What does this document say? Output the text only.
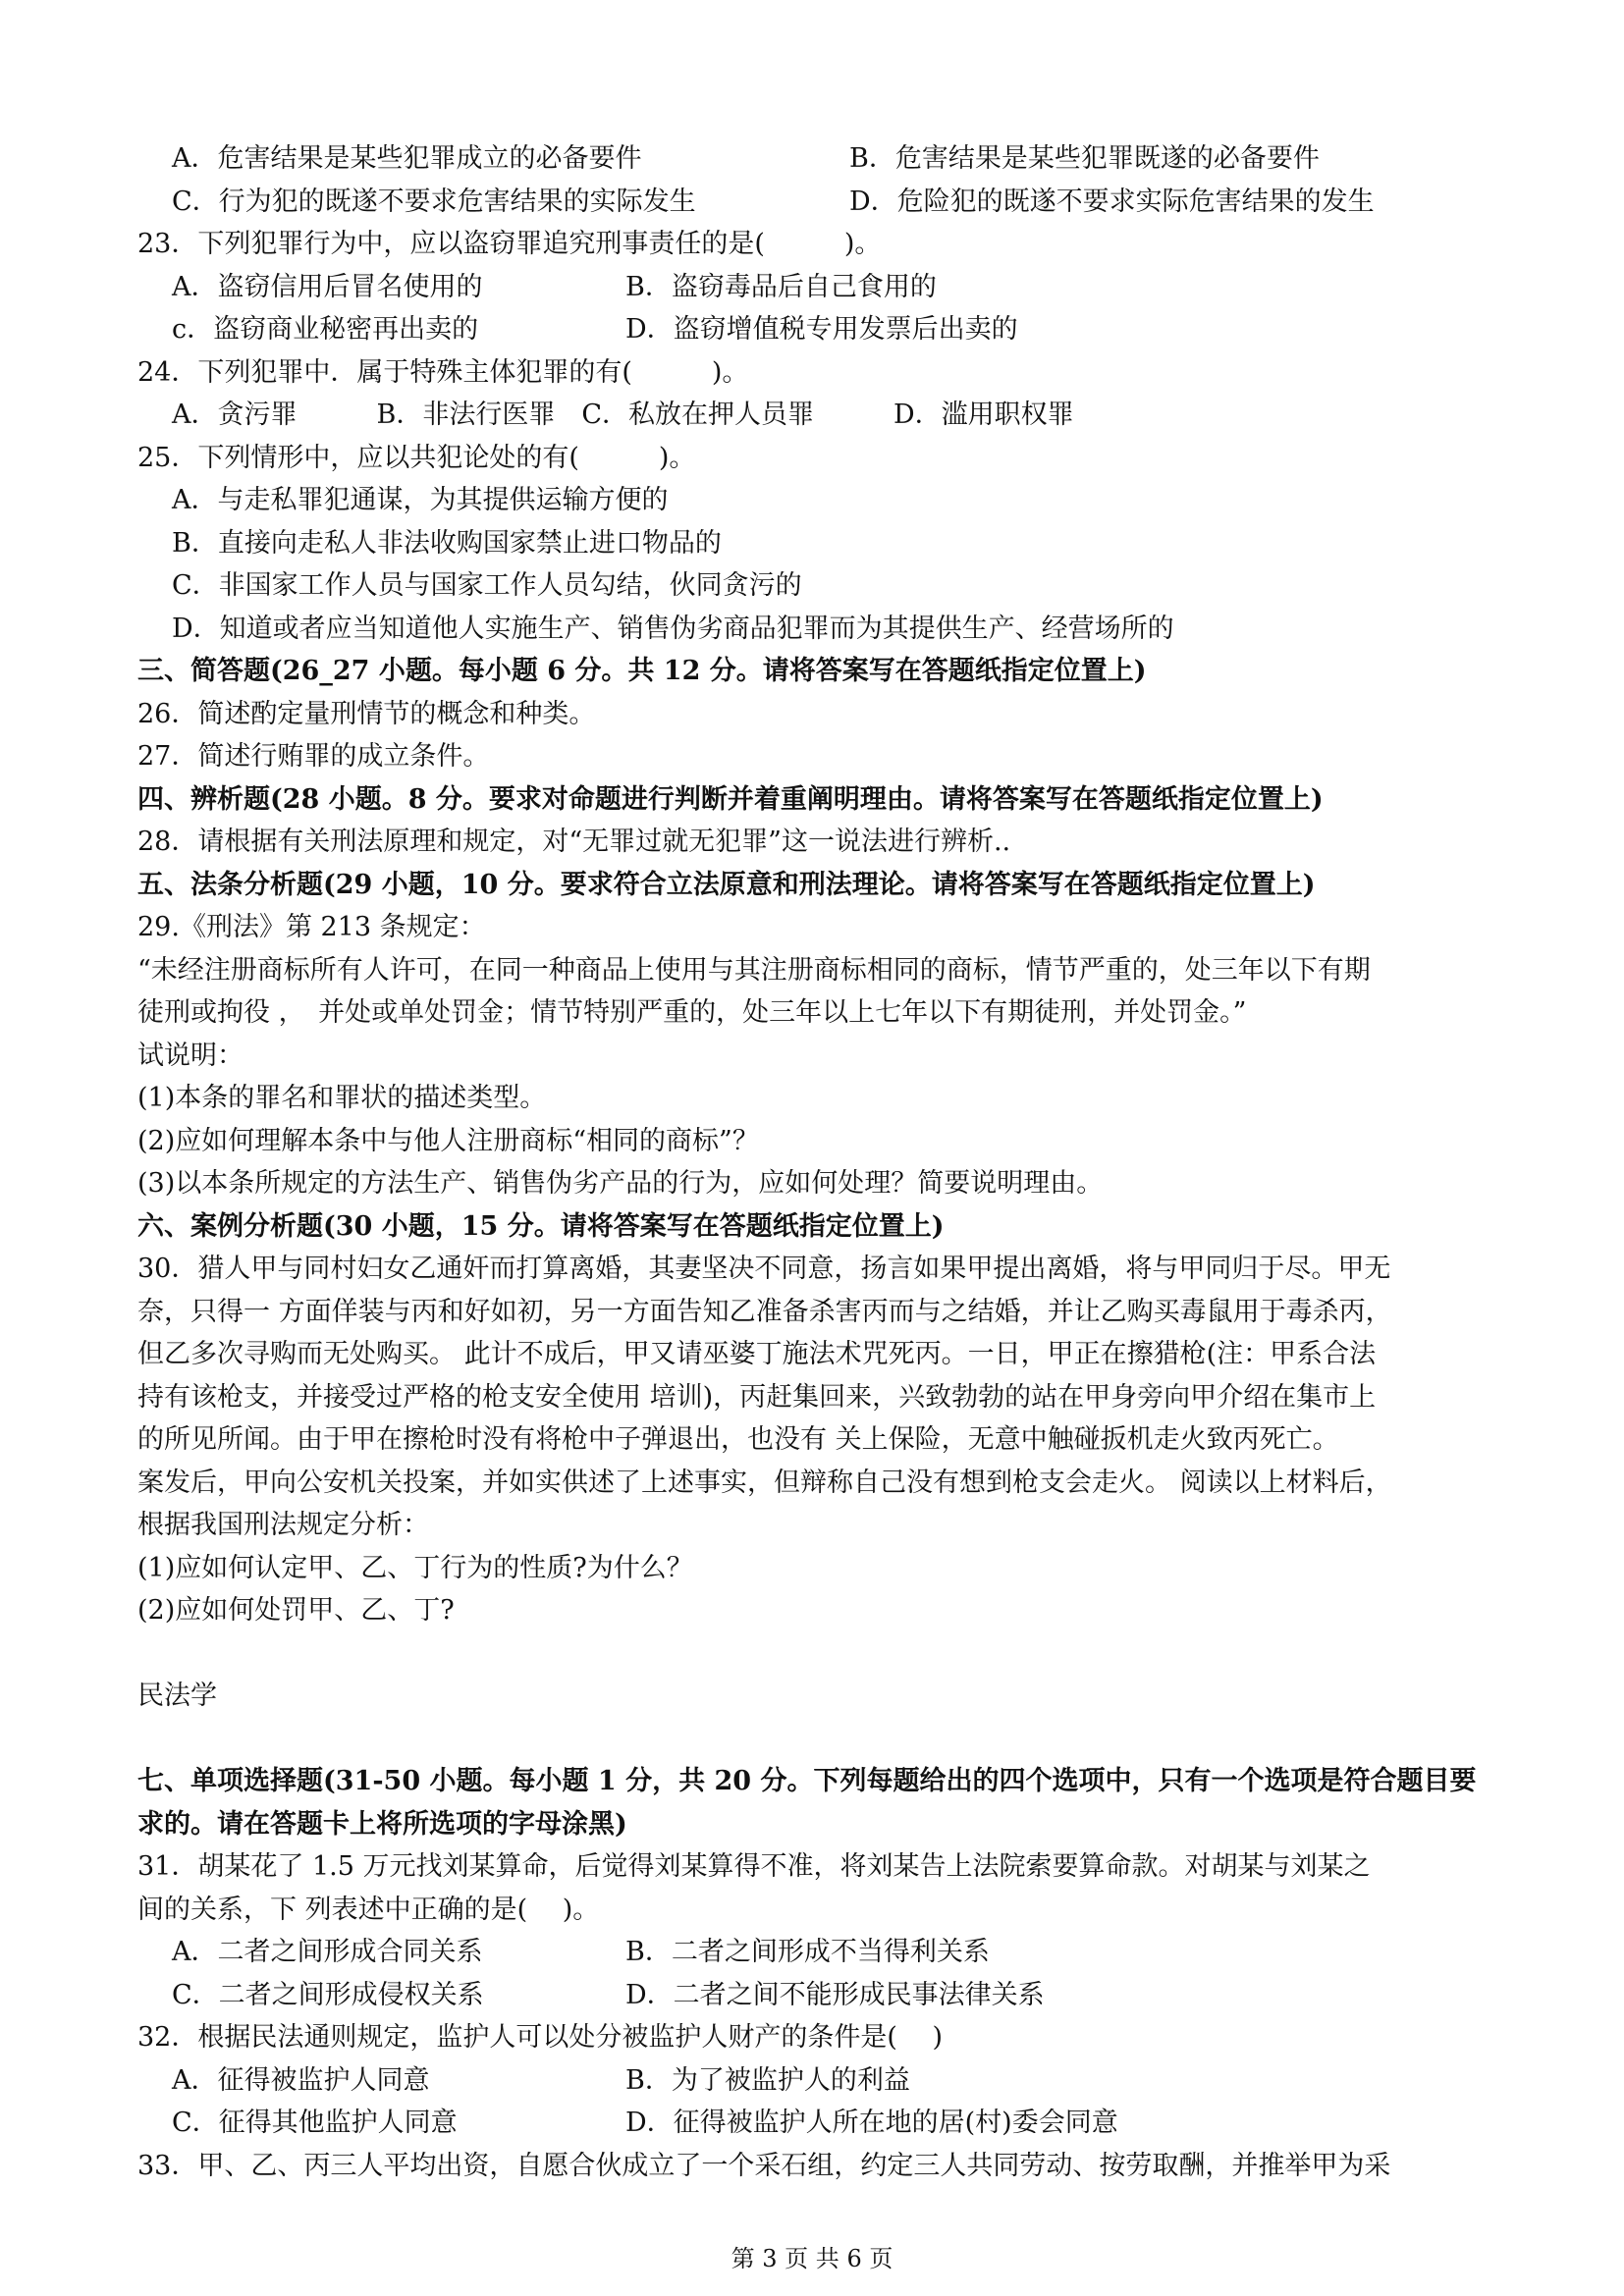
A．危害结果是某些犯罪成立的必备要件	B．危害结果是某些犯罪既遂的必备要件
C．行为犯的既遂不要求危害结果的实际发生	D．危险犯的既遂不要求实际危害结果的发生
23．下列犯罪行为中，应以盗窃罪追究刑事责任的是(　　　)。
A．盗窃信用后冒名使用的	B．盗窃毒品后自己食用的
c．盗窃商业秘密再出卖的	D．盗窃增值税专用发票后出卖的
24．下列犯罪中．属于特殊主体犯罪的有(　　　)。
A．贪污罪　　　B．非法行医罪　C．私放在押人员罪　　　D．滥用职权罪
25．下列情形中，应以共犯论处的有(　　　)。
A．与走私罪犯通谋，为其提供运输方便的
B．直接向走私人非法收购国家禁止进口物品的
C．非国家工作人员与国家工作人员勾结，伙同贪污的
D．知道或者应当知道他人实施生产、销售伪劣商品犯罪而为其提供生产、经营场所的
三、简答题(26_27 小题。每小题 6 分。共 12 分。请将答案写在答题纸指定位置上)
26．简述酌定量刑情节的概念和种类。
27．简述行贿罪的成立条件。
四、辨析题(28 小题。8 分。要求对命题进行判断并着重阐明理由。请将答案写在答题纸指定位置上)
28．请根据有关刑法原理和规定，对“无罪过就无犯罪”这一说法进行辨析..
五、法条分析题(29 小题，10 分。要求符合立法原意和刑法理论。请将答案写在答题纸指定位置上)
29.《刑法》第 213 条规定：
“未经注册商标所有人许可，在同一种商品上使用与其注册商标相同的商标，情节严重的，处三年以下有期
徒刑或拘役 ，　并处或单处罚金；情节特别严重的，处三年以上七年以下有期徒刑，并处罚金。”
试说明：
(1)本条的罪名和罪状的描述类型。
(2)应如何理解本条中与他人注册商标“相同的商标”？
(3)以本条所规定的方法生产、销售伪劣产品的行为，应如何处理？简要说明理由。
六、案例分析题(30 小题，15 分。请将答案写在答题纸指定位置上)
30．猎人甲与同村妇女乙通奸而打算离婚，其妻坚决不同意，扬言如果甲提出离婚，将与甲同归于尽。甲无
奈，只得一 方面佯装与丙和好如初，另一方面告知乙准备杀害丙而与之结婚，并让乙购买毒鼠用于毒杀丙，
但乙多次寻购而无处购买。 此计不成后，甲又请巫婆丁施法术咒死丙。一日，甲正在擦猎枪(注：甲系合法
持有该枪支，并接受过严格的枪支安全使用 培训)，丙赶集回来，兴致勃勃的站在甲身旁向甲介绍在集市上
的所见所闻。由于甲在擦枪时没有将枪中子弹退出，也没有 关上保险，无意中触碰扳机走火致丙死亡。
案发后，甲向公安机关投案，并如实供述了上述事实，但辩称自己没有想到枪支会走火。 阅读以上材料后，
根据我国刑法规定分析：
(1)应如何认定甲、乙、丁行为的性质?为什么？
(2)应如何处罚甲、乙、丁?
民法学
七、单项选择题(31-50 小题。每小题 1 分，共 20 分。下列每题给出的四个选项中，只有一个选项是符合题目要求的。请在答题卡上将所选项的字母涂黑)
31．胡某花了 1.5 万元找刘某算命，后觉得刘某算得不准，将刘某告上法院索要算命款。对胡某与刘某之
间的关系，下 列表述中正确的是(　 )。
A．二者之间形成合同关系	B．二者之间形成不当得利关系
C．二者之间形成侵权关系	D．二者之间不能形成民事法律关系
32．根据民法通则规定，监护人可以处分被监护人财产的条件是(　 )
A．征得被监护人同意	B．为了被监护人的利益
C．征得其他监护人同意	D．征得被监护人所在地的居(村)委会同意
33．甲、乙、丙三人平均出资，自愿合伙成立了一个采石组，约定三人共同劳动、按劳取酬，并推举甲为采
第 3 页 共 6 页
